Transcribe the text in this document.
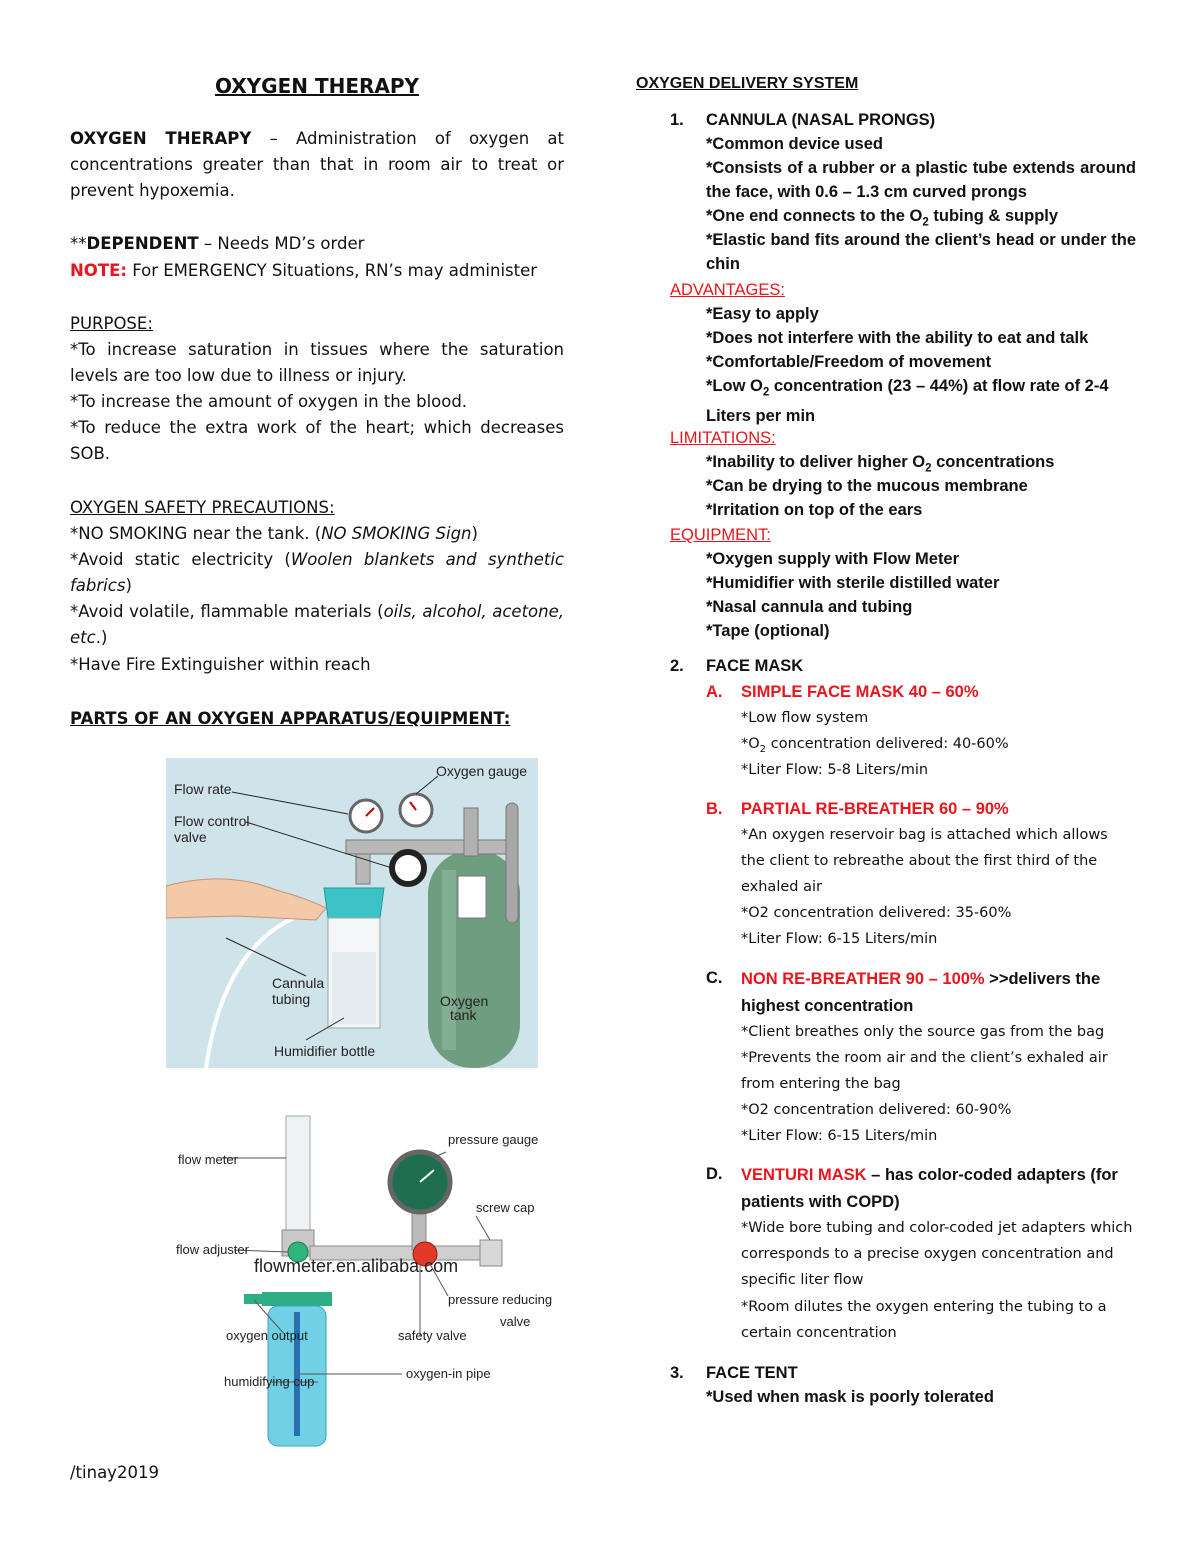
OXYGEN THERAPY

OXYGEN THERAPY – Administration of oxygen at concentrations greater than that in room air to treat or prevent hypoxemia.

**DEPENDENT – Needs MD’s order

NOTE: For EMERGENCY Situations, RN’s may administer

PURPOSE:

*To increase saturation in tissues where the saturation levels are too low due to illness or injury.

*To increase the amount of oxygen in the blood.

*To reduce the extra work of the heart; which decreases SOB.

OXYGEN SAFETY PRECAUTIONS:

*NO SMOKING near the tank. (NO SMOKING Sign)

*Avoid static electricity (Woolen blankets and synthetic fabrics)

*Avoid volatile, flammable materials (oils, alcohol, acetone, etc.)

*Have Fire Extinguisher within reach

PARTS OF AN OXYGEN APPARATUS/EQUIPMENT:

Flow rate
Oxygen gauge
Flow control
valve
Cannula
tubing	Oxygen
tank
Humidifier bottle
flowmeter.en.alibaba.com
flow meter
pressure gauge
screw cap
flow adjuster
pressure reducing
valve
oxygen output	safety valve
humidifying cup
oxygen-in pipe

/tinay2019

OXYGEN DELIVERY SYSTEM

1. CANNULA (NASAL PRONGS)

*Common device used

*Consists of a rubber or a plastic tube extends around the face, with 0.6 – 1.3 cm curved prongs

*One end connects to the $O_2$ tubing & supply

*Elastic band fits around the client’s head or under the chin

ADVANTAGES:

*Easy to apply

*Does not interfere with the ability to eat and talk

*Comfortable/Freedom of movement

*Low $O_2$ concentration (23 – 44%) at flow rate of 2-4 Liters per min

LIMITATIONS:

*Inability to deliver higher $O_2$ concentrations

*Can be drying to the mucous membrane

*Irritation on top of the ears

EQUIPMENT:

*Oxygen supply with Flow Meter

*Humidifier with sterile distilled water

*Nasal cannula and tubing

*Tape (optional)

2. FACE MASK

A. SIMPLE FACE MASK 40 – 60%

*Low flow system

$*O_2$ concentration delivered: 40-60%

*Liter Flow: 5-8 Liters/min

B. PARTIAL RE-BREATHER 60 – 90%

*An oxygen reservoir bag is attached which allows the client to rebreathe about the first third of the exhaled air

*O2 concentration delivered: 35-60%

*Liter Flow: 6-15 Liters/min

C. NON RE-BREATHER 90 – 100% >>delivers the highest concentration

*Client breathes only the source gas from the bag

*Prevents the room air and the client’s exhaled air from entering the bag

*O2 concentration delivered: 60-90%

*Liter Flow: 6-15 Liters/min

D. VENTURI MASK – has color-coded adapters (for patients with COPD)

*Wide bore tubing and color-coded jet adapters which corresponds to a precise oxygen concentration and specific liter flow

*Room dilutes the oxygen entering the tubing to a certain concentration

3. FACE TENT

*Used when mask is poorly tolerated
